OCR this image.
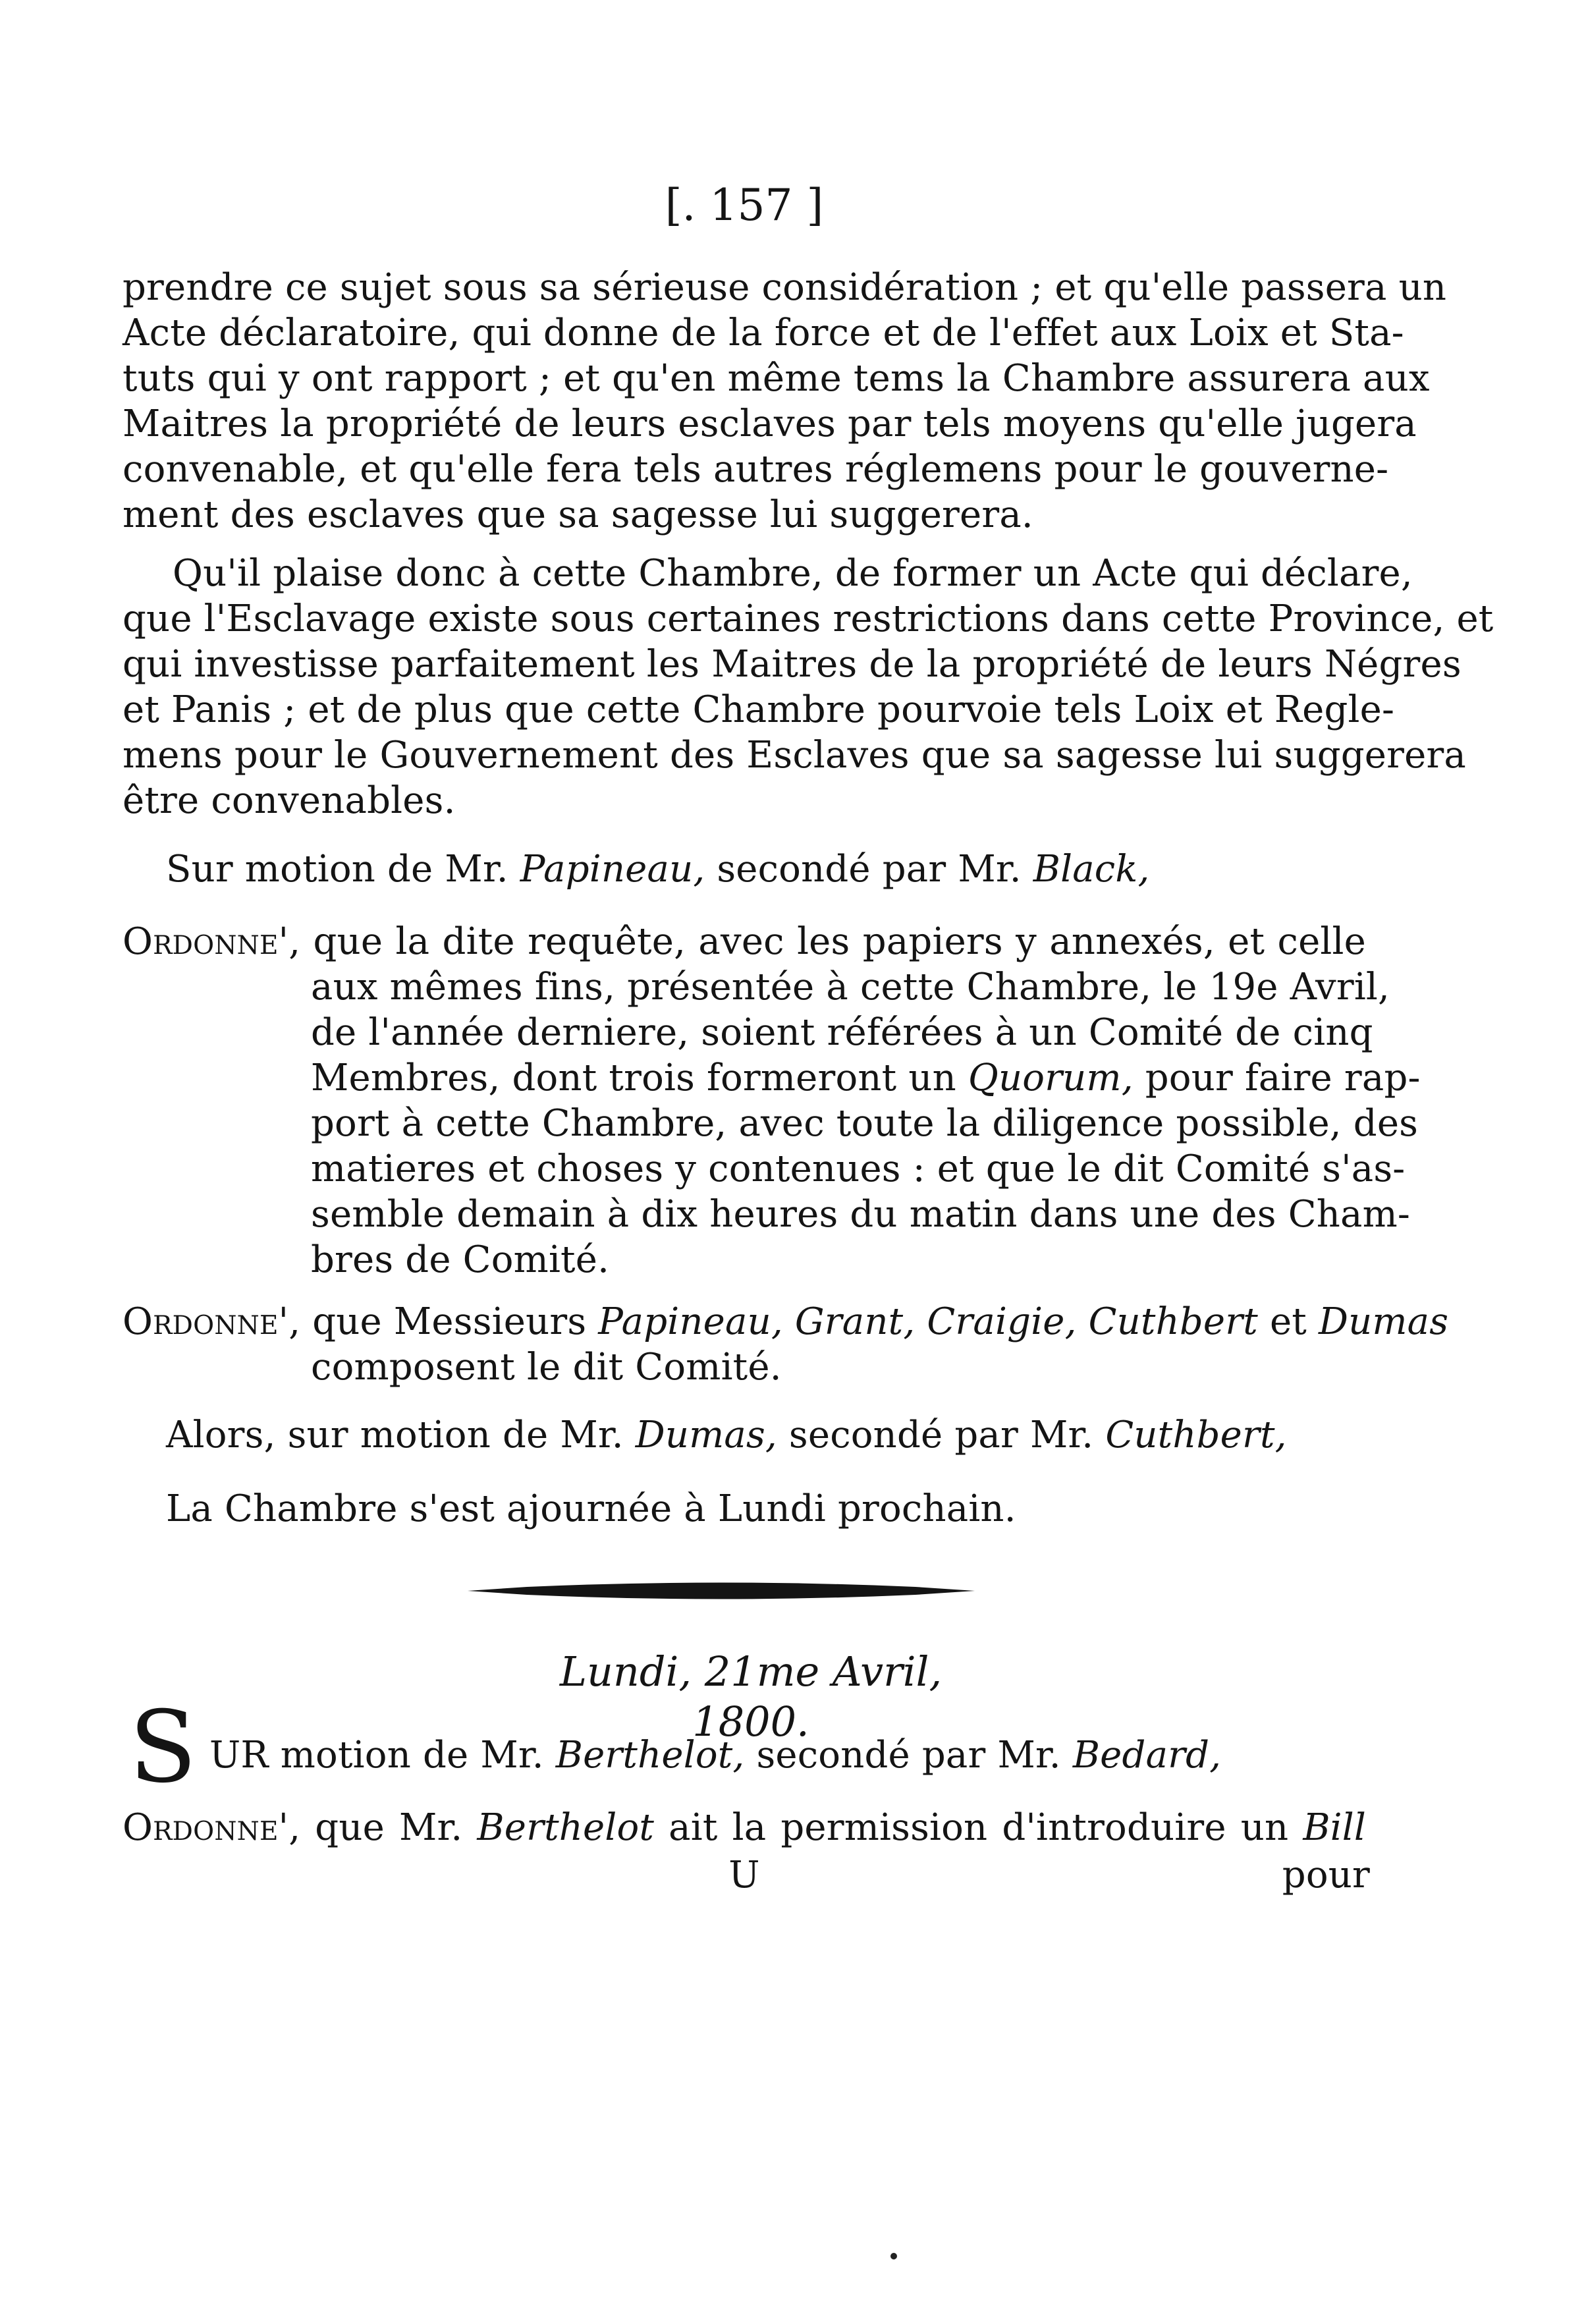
[. 157 ]
prendre ce sujet sous sa sérieuse considération ; et qu'elle passera un
Acte déclaratoire, qui donne de la force et de l'effet aux Loix et Sta-
tuts qui y ont rapport ; et qu'en même tems la Chambre assurera aux
Maitres la propriété de leurs esclaves par tels moyens qu'elle jugera
convenable, et qu'elle fera tels autres réglemens pour le gouverne-
ment des esclaves que sa sagesse lui suggerera.
Qu'il plaise donc à cette Chambre, de former un Acte qui déclare,
que l'Esclavage existe sous certaines restrictions dans cette Province, et
qui investisse parfaitement les Maitres de la propriété de leurs Négres
et Panis ; et de plus que cette Chambre pourvoie tels Loix et Regle-
mens pour le Gouvernement des Esclaves que sa sagesse lui suggerera
être convenables.
Sur motion de Mr. Papineau, secondé par Mr. Black,
Ordonne', que la dite requête, avec les papiers y annexés, et celle
aux mêmes fins, présentée à cette Chambre, le 19e Avril,
de l'année derniere, soient référées à un Comité de cinq
Membres, dont trois formeront un Quorum, pour faire rap-
port à cette Chambre, avec toute la diligence possible, des
matieres et choses y contenues : et que le dit Comité s'as-
semble demain à dix heures du matin dans une des Cham-
bres de Comité.
Ordonne', que Messieurs Papineau, Grant, Craigie, Cuthbert et Dumas
composent le dit Comité.
Alors, sur motion de Mr. Dumas, secondé par Mr. Cuthbert,
La Chambre s'est ajournée à Lundi prochain.
Lundi, 21me Avril, 1800.
S UR motion de Mr. Berthelot, secondé par Mr. Bedard,
Ordonne', que Mr. Berthelot ait la permission d'introduire un Bill
U	pour
